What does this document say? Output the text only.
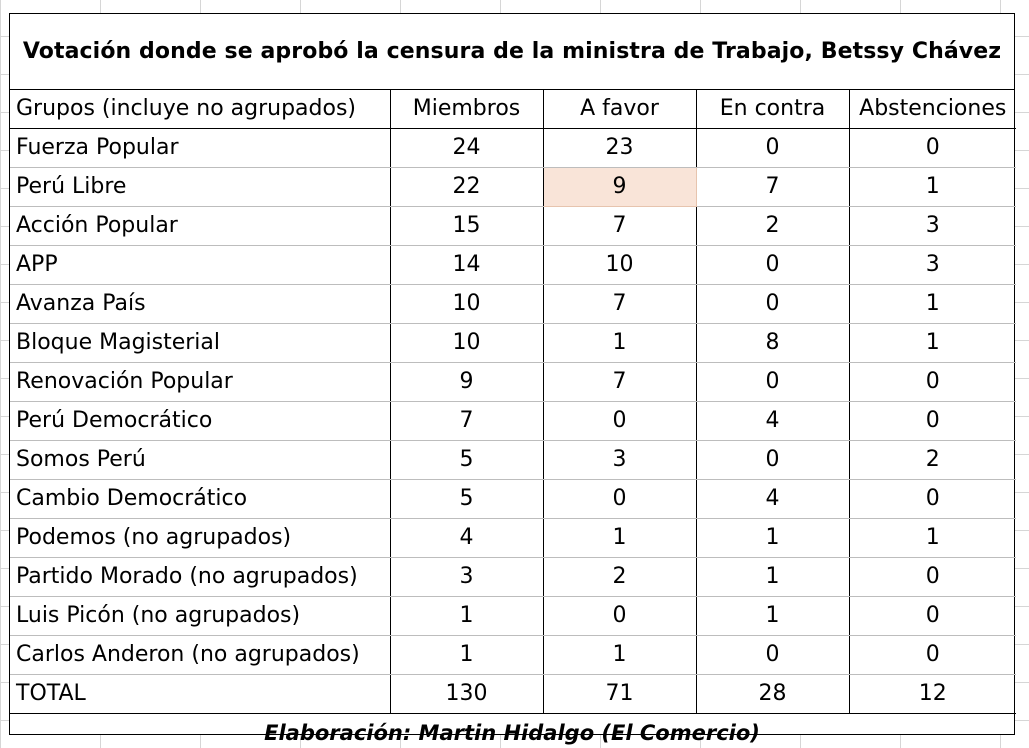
Votación donde se aprobó la censura de la ministra de Trabajo, Betssy Chávez
Grupos (incluye no agrupados)	Miembros	A favor	En contra	Abstenciones
Fuerza Popular	24	23	0	0
Perú Libre	22	9	7	1
Acción Popular	15	7	2	3
APP	14	10	0	3
Avanza País	10	7	0	1
Bloque Magisterial	10	1	8	1
Renovación Popular	9	7	0	0
Perú Democrático	7	0	4	0
Somos Perú	5	3	0	2
Cambio Democrático	5	0	4	0
Podemos (no agrupados)	4	1	1	1
Partido Morado (no agrupados)	3	2	1	0
Luis Picón (no agrupados)	1	0	1	0
Carlos Anderon (no agrupados)	1	1	0	0
TOTAL	130	71	28	12
Elaboración: Martin Hidalgo (El Comercio)
